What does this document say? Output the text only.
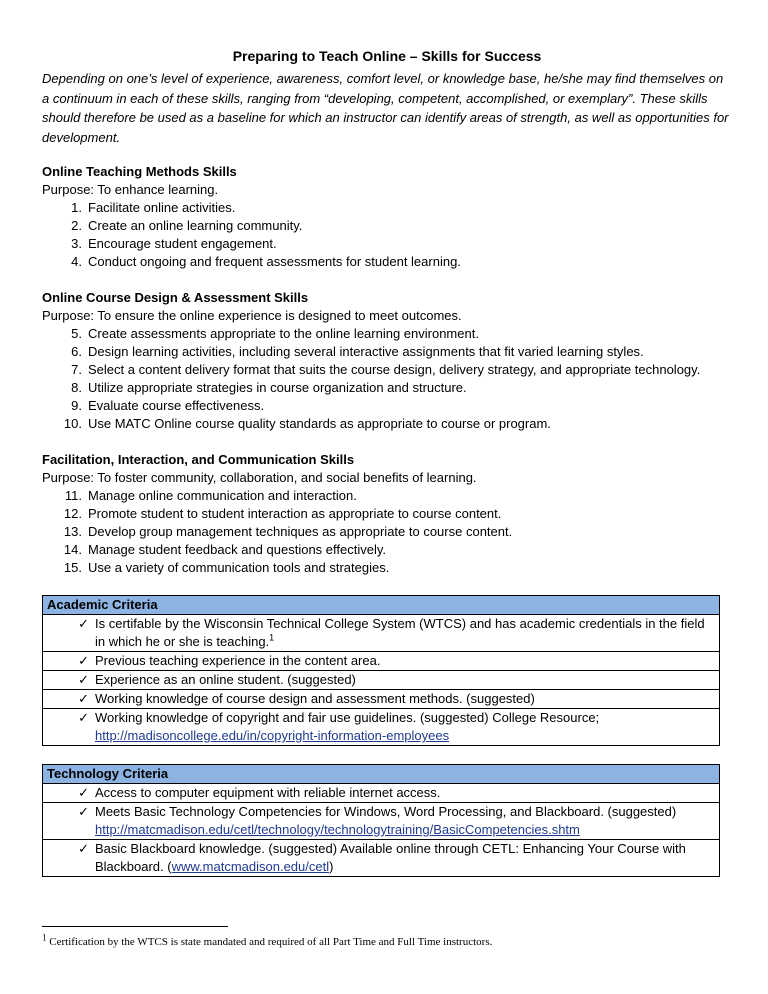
Preparing to Teach Online – Skills for Success

Depending on one’s level of experience, awareness, comfort level, or knowledge base, he/she may find themselves on a continuum in each of these skills, ranging from “developing, competent, accomplished, or exemplary”. These skills should therefore be used as a baseline for which an instructor can identify areas of strength, as well as opportunities for development.

Online Teaching Methods Skills
Purpose: To enhance learning.
1. Facilitate online activities.
2. Create an online learning community.
3. Encourage student engagement.
4. Conduct ongoing and frequent assessments for student learning.
Online Course Design & Assessment Skills
Purpose: To ensure the online experience is designed to meet outcomes.
5. Create assessments appropriate to the online learning environment.
6. Design learning activities, including several interactive assignments that fit varied learning styles.
7. Select a content delivery format that suits the course design, delivery strategy, and appropriate technology.
8. Utilize appropriate strategies in course organization and structure.
9. Evaluate course effectiveness.
10. Use MATC Online course quality standards as appropriate to course or program.
Facilitation, Interaction, and Communication Skills
Purpose: To foster community, collaboration, and social benefits of learning.
11. Manage online communication and interaction.
12. Promote student to student interaction as appropriate to course content.
13. Develop group management techniques as appropriate to course content.
14. Manage student feedback and questions effectively.
15. Use a variety of communication tools and strategies.
Academic Criteria

✓ Is certifable by the Wisconsin Technical College System (WTCS) and has academic credentials in the field in which he or she is teaching.$^1$

✓ Previous teaching experience in the content area.

✓ Experience as an online student. (suggested)

✓ Working knowledge of course design and assessment methods. (suggested)

✓ Working knowledge of copyright and fair use guidelines. (suggested) College Resource;
http://madisoncollege.edu/in/copyright-information-employees
Technology Criteria

✓ Access to computer equipment with reliable internet access.

✓ Meets Basic Technology Competencies for Windows, Word Processing, and Blackboard. (suggested)
http://matcmadison.edu/cetl/technology/technologytraining/BasicCompetencies.shtm

✓ Basic Blackboard knowledge. (suggested) Available online through CETL: Enhancing Your Course with Blackboard. (www.matcmadison.edu/cetl)
$^1$ Certification by the WTCS is state mandated and required of all Part Time and Full Time instructors.
